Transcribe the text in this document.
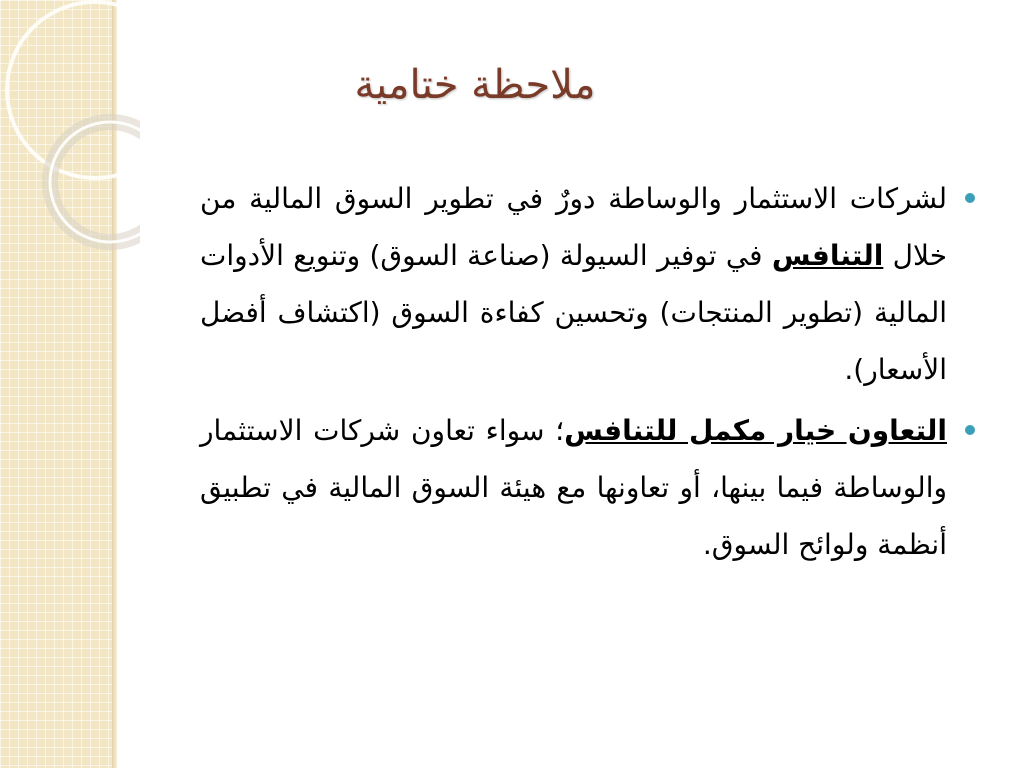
ملاحظة ختامية
لشركات الاستثمار والوساطة دورٌ في تطوير السوق المالية من خلال التنافس في توفير السيولة (صناعة السوق) وتنويع الأدوات المالية (تطوير المنتجات) وتحسين كفاءة السوق (اكتشاف أفضل الأسعار).
التعاون خيار مكمل للتنافس؛ سواء تعاون شركات الاستثمار والوساطة فيما بينها، أو تعاونها مع هيئة السوق المالية في تطبيق أنظمة ولوائح السوق.
